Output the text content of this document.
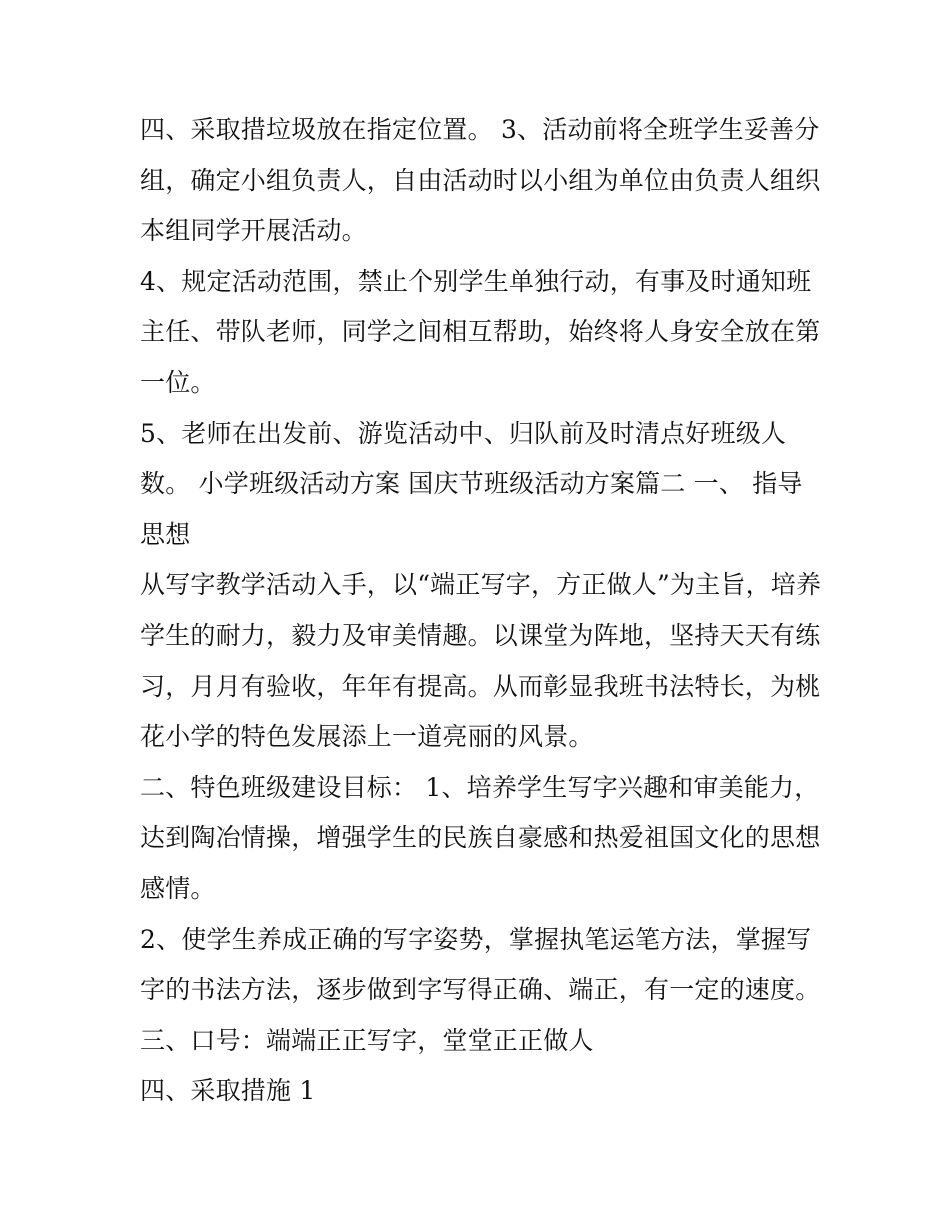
四、采取措垃圾放在指定位置。 3、活动前将全班学生妥善分
组，确定小组负责人，自由活动时以小组为单位由负责人组织
本组同学开展活动。
4、规定活动范围，禁止个别学生单独行动，有事及时通知班
主任、带队老师，同学之间相互帮助，始终将人身安全放在第
一位。
5、老师在出发前、游览活动中、归队前及时清点好班级人
数。 小学班级活动方案 国庆节班级活动方案篇二 一、 指导
思想
从写字教学活动入手，以“端正写字，方正做人”为主旨，培养
学生的耐力，毅力及审美情趣。以课堂为阵地，坚持天天有练
习，月月有验收，年年有提高。从而彰显我班书法特长，为桃
花小学的特色发展添上一道亮丽的风景。
二、特色班级建设目标： 1、培养学生写字兴趣和审美能力，
达到陶冶情操，增强学生的民族自豪感和热爱祖国文化的思想
感情。
2、使学生养成正确的写字姿势，掌握执笔运笔方法，掌握写
字的书法方法，逐步做到字写得正确、端正，有一定的速度。
三、口号：端端正正写字，堂堂正正做人
四、采取措施 1
